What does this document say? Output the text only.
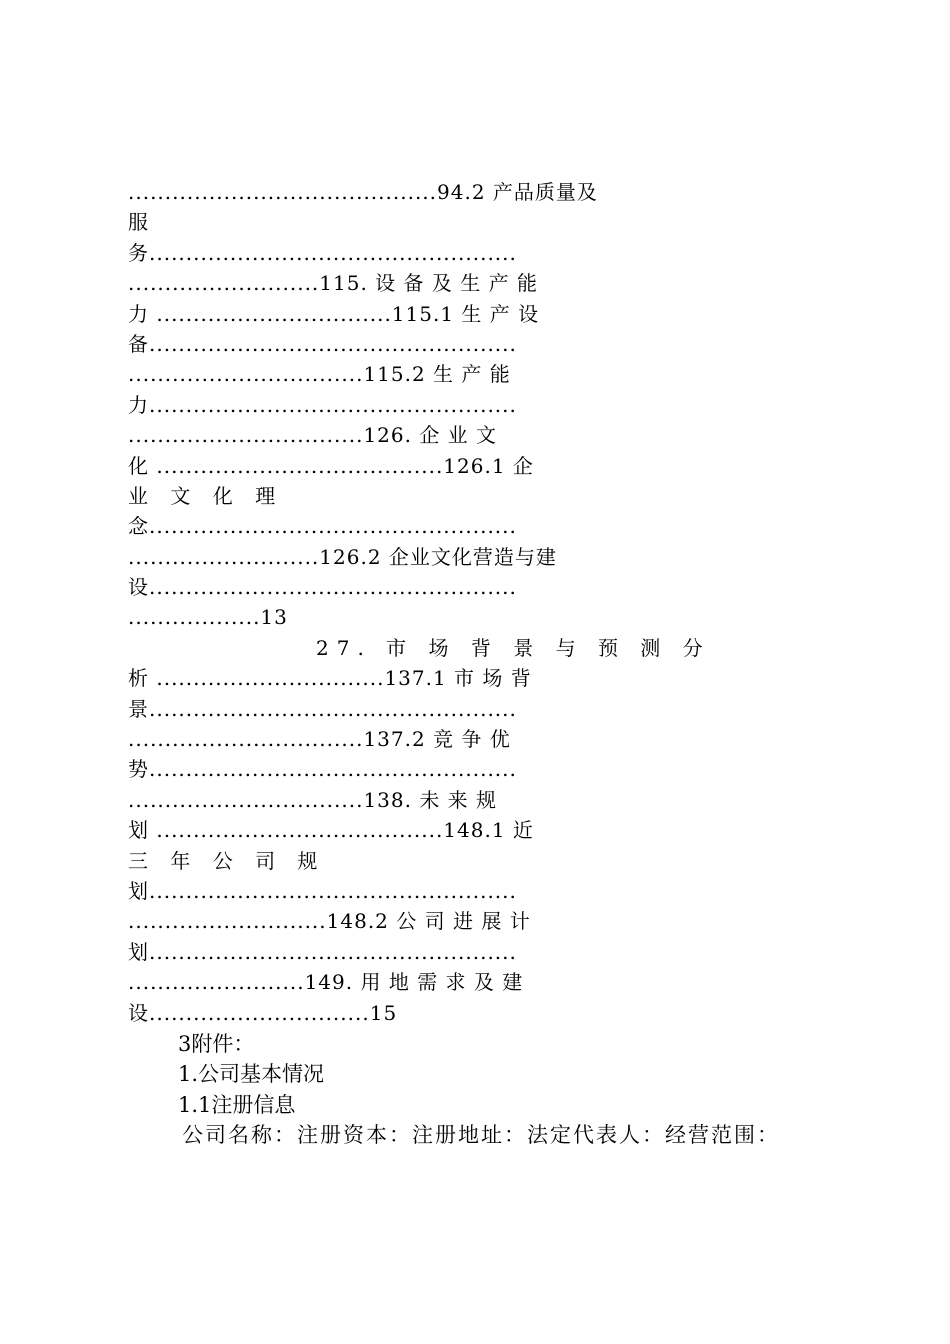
..........................................94.2 产品质量及
服
务..................................................
..........................115. 设 备 及 生 产 能
力 ................................115.1 生 产 设
备..................................................
................................115.2 生 产 能
力..................................................
................................126. 企 业 文
化 .......................................126.1 企
业 文 化 理
念..................................................
..........................126.2 企业文化营造与建
设..................................................
..................13
27. 市 场 背 景 与 预 测 分
析 ...............................137.1 市 场 背
景..................................................
................................137.2 竞 争 优
势..................................................
................................138. 未 来 规
划 .......................................148.1 近
三 年 公 司 规
划..................................................
...........................148.2 公 司 进 展 计
划..................................................
........................149. 用 地 需 求 及 建
设..............................15
3附件：
1.公司基本情况
1.1注册信息
公司名称：注册资本：注册地址：法定代表人：经营范围：
